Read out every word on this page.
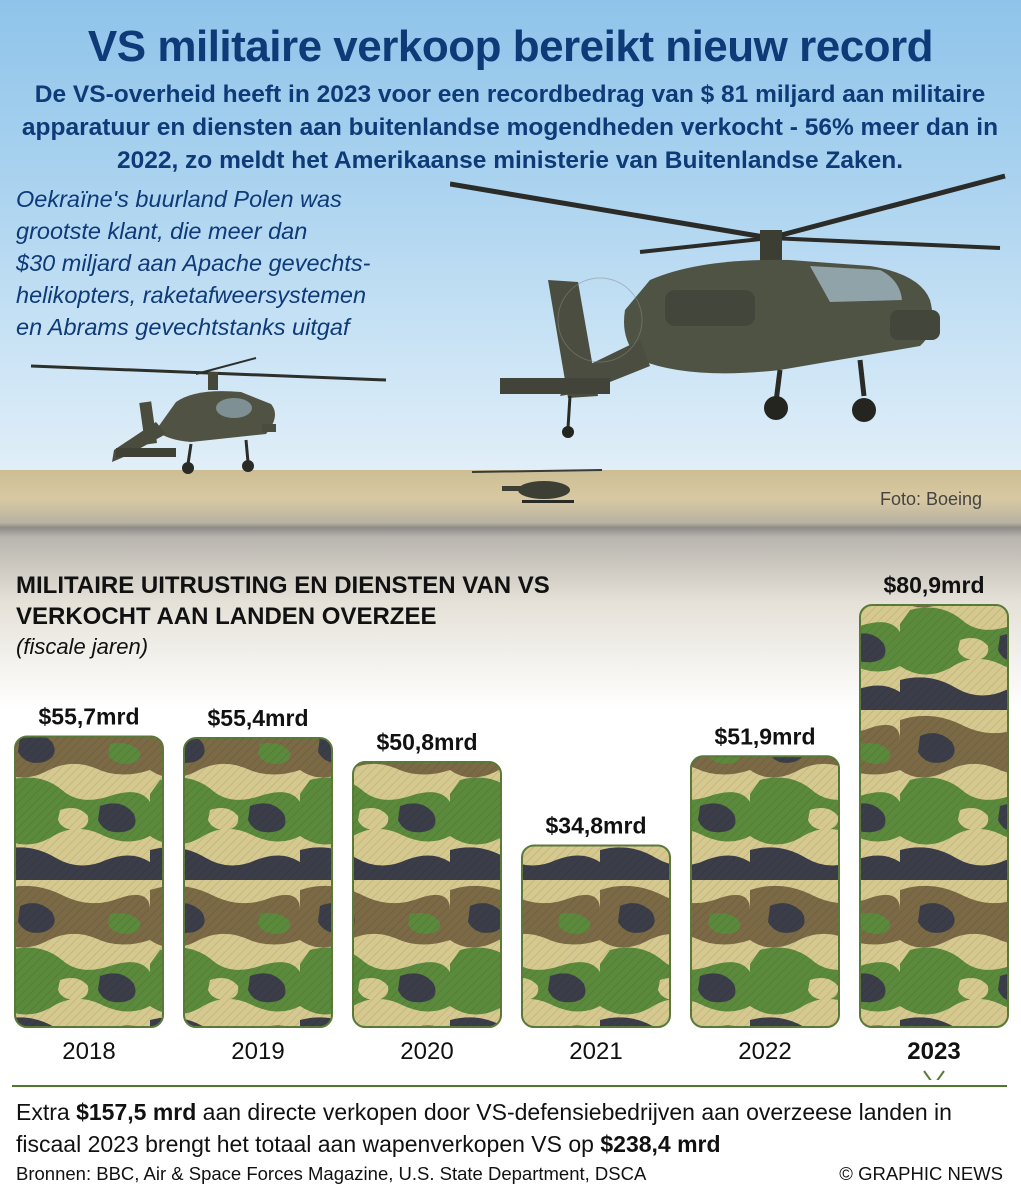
VS militaire verkoop bereikt nieuw record
De VS-overheid heeft in 2023 voor een recordbedrag van $ 81 miljard aan militaire apparatuur en diensten aan buitenlandse mogendheden verkocht - 56% meer dan in 2022, zo meldt het Amerikaanse ministerie van Buitenlandse Zaken.
Oekraïne's buurland Polen was
grootste klant, die meer dan
$30 miljard aan Apache gevechts-
helikopters, raketafweersystemen
en Abrams gevechtstanks uitgaf
Foto: Boeing
MILITAIRE UITRUSTING EN DIENSTEN VAN VS
VERKOCHT AAN LANDEN OVERZEE
(fiscale jaren)
$55,7mrd
2018
$55,4mrd
2019
$50,8mrd
2020
$34,8mrd
2021
$51,9mrd
2022
$80,9mrd
2023
Extra $157,5 mrd aan directe verkopen door VS-defensiebedrijven aan overzeese landen in fiscaal 2023 brengt het totaal aan wapenverkopen VS op $238,4 mrd
Bronnen: BBC, Air & Space Forces Magazine, U.S. State Department, DSCA	© GRAPHIC NEWS
